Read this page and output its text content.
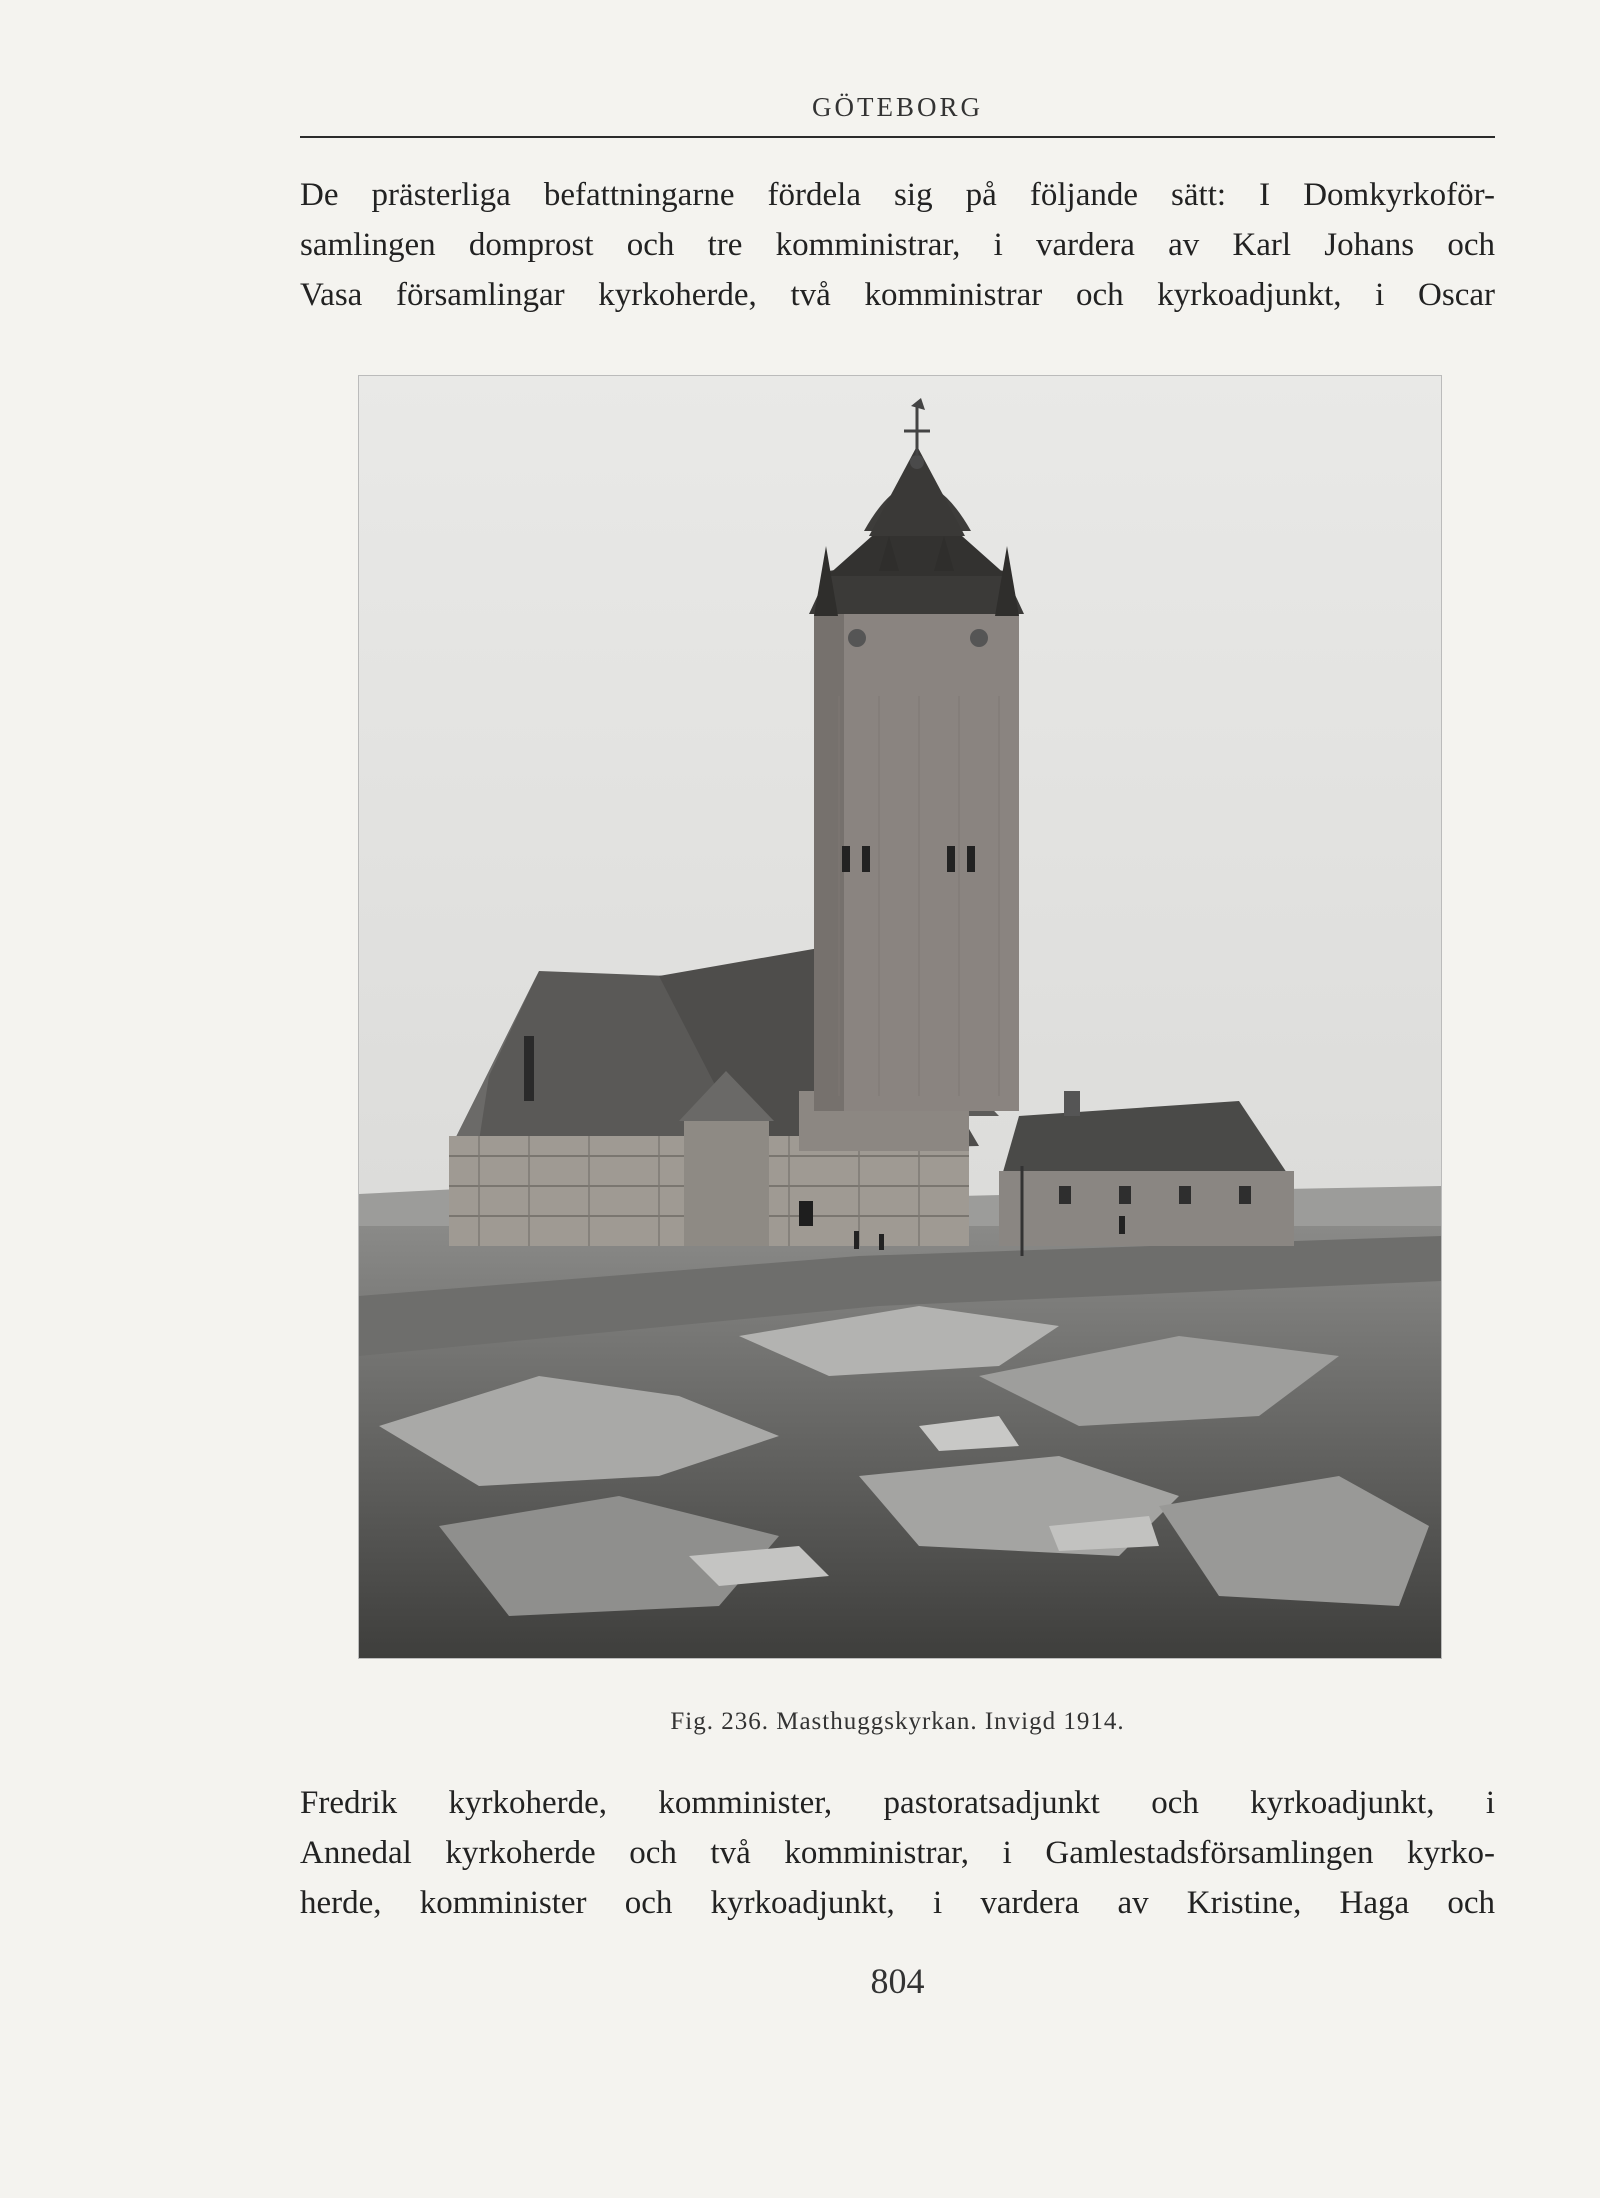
GÖTEBORG
De prästerliga befattningarne fördela sig på följande sätt: I Domkyrkoför-
samlingen domprost och tre komministrar, i vardera av Karl Johans och
Vasa församlingar kyrkoherde, två komministrar och kyrkoadjunkt, i Oscar
Fig. 236. Masthuggskyrkan. Invigd 1914.
Fredrik kyrkoherde, komminister, pastoratsadjunkt och kyrkoadjunkt, i
Annedal kyrkoherde och två komministrar, i Gamlestadsförsamlingen kyrko-
herde, komminister och kyrkoadjunkt, i vardera av Kristine, Haga och
804
